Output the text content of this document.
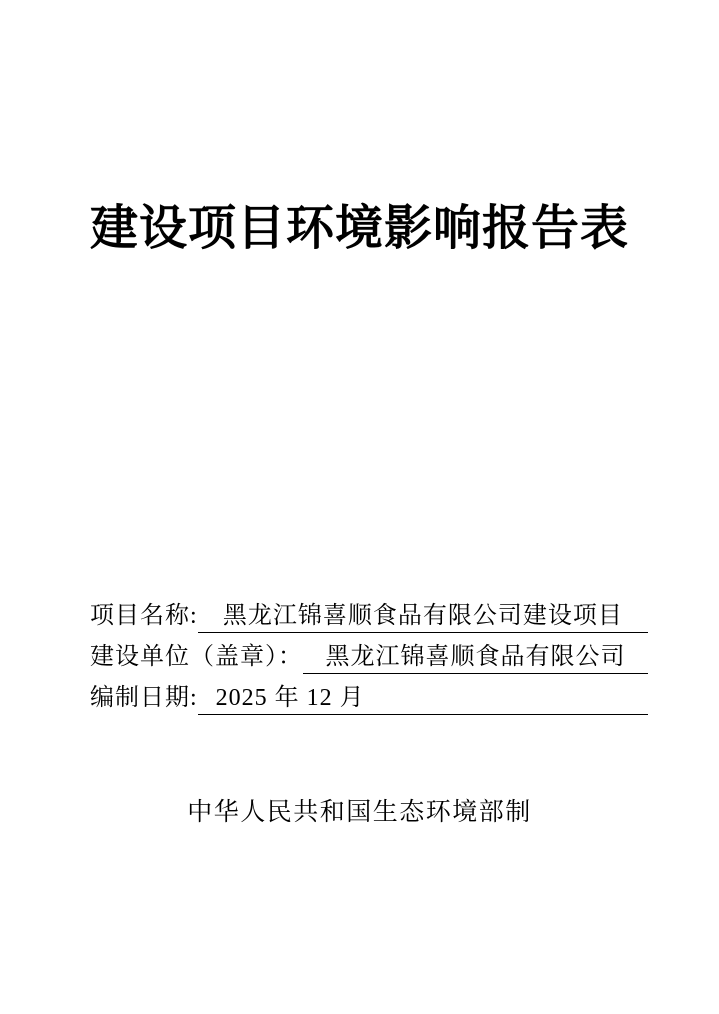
建设项目环境影响报告表
项目名称:	黑龙江锦喜顺食品有限公司建设项目
建设单位（盖章）： 黑龙江锦喜顺食品有限公司
编制日期: 2025 年 12 月
中华人民共和国生态环境部制
